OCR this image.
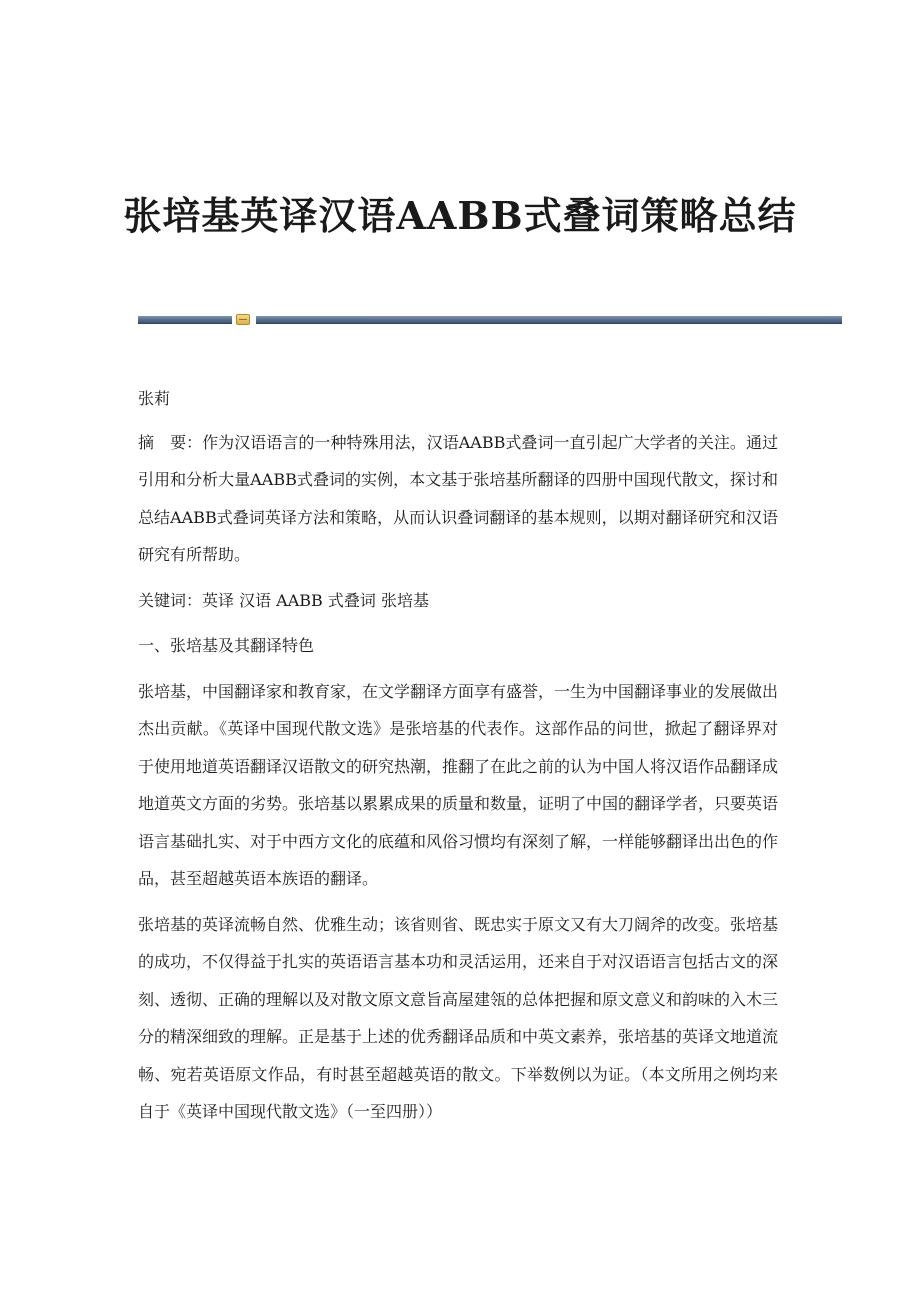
张培基英译汉语AABB式叠词策略总结

张莉

摘　要：作为汉语语言的一种特殊用法，汉语AABB式叠词一直引起广大学者的关注。通过引用和分析大量AABB式叠词的实例，本文基于张培基所翻译的四册中国现代散文，探讨和总结AABB式叠词英译方法和策略，从而认识叠词翻译的基本规则，以期对翻译研究和汉语研究有所帮助。

关键词：英译 汉语 AABB 式叠词 张培基

一、张培基及其翻译特色

张培基，中国翻译家和教育家，在文学翻译方面享有盛誉，一生为中国翻译事业的发展做出杰出贡献。《英译中国现代散文选》是张培基的代表作。这部作品的问世，掀起了翻译界对于使用地道英语翻译汉语散文的研究热潮，推翻了在此之前的认为中国人将汉语作品翻译成地道英文方面的劣势。张培基以累累成果的质量和数量，证明了中国的翻译学者，只要英语语言基础扎实、对于中西方文化的底蕴和风俗习惯均有深刻了解，一样能够翻译出出色的作品，甚至超越英语本族语的翻译。

张培基的英译流畅自然、优雅生动；该省则省、既忠实于原文又有大刀阔斧的改变。张培基的成功，不仅得益于扎实的英语语言基本功和灵活运用，还来自于对汉语语言包括古文的深刻、透彻、正确的理解以及对散文原文意旨高屋建瓴的总体把握和原文意义和韵味的入木三分的精深细致的理解。正是基于上述的优秀翻译品质和中英文素养，张培基的英译文地道流畅、宛若英语原文作品，有时甚至超越英语的散文。下举数例以为证。（本文所用之例均来自于《英译中国现代散文选》（一至四册））
